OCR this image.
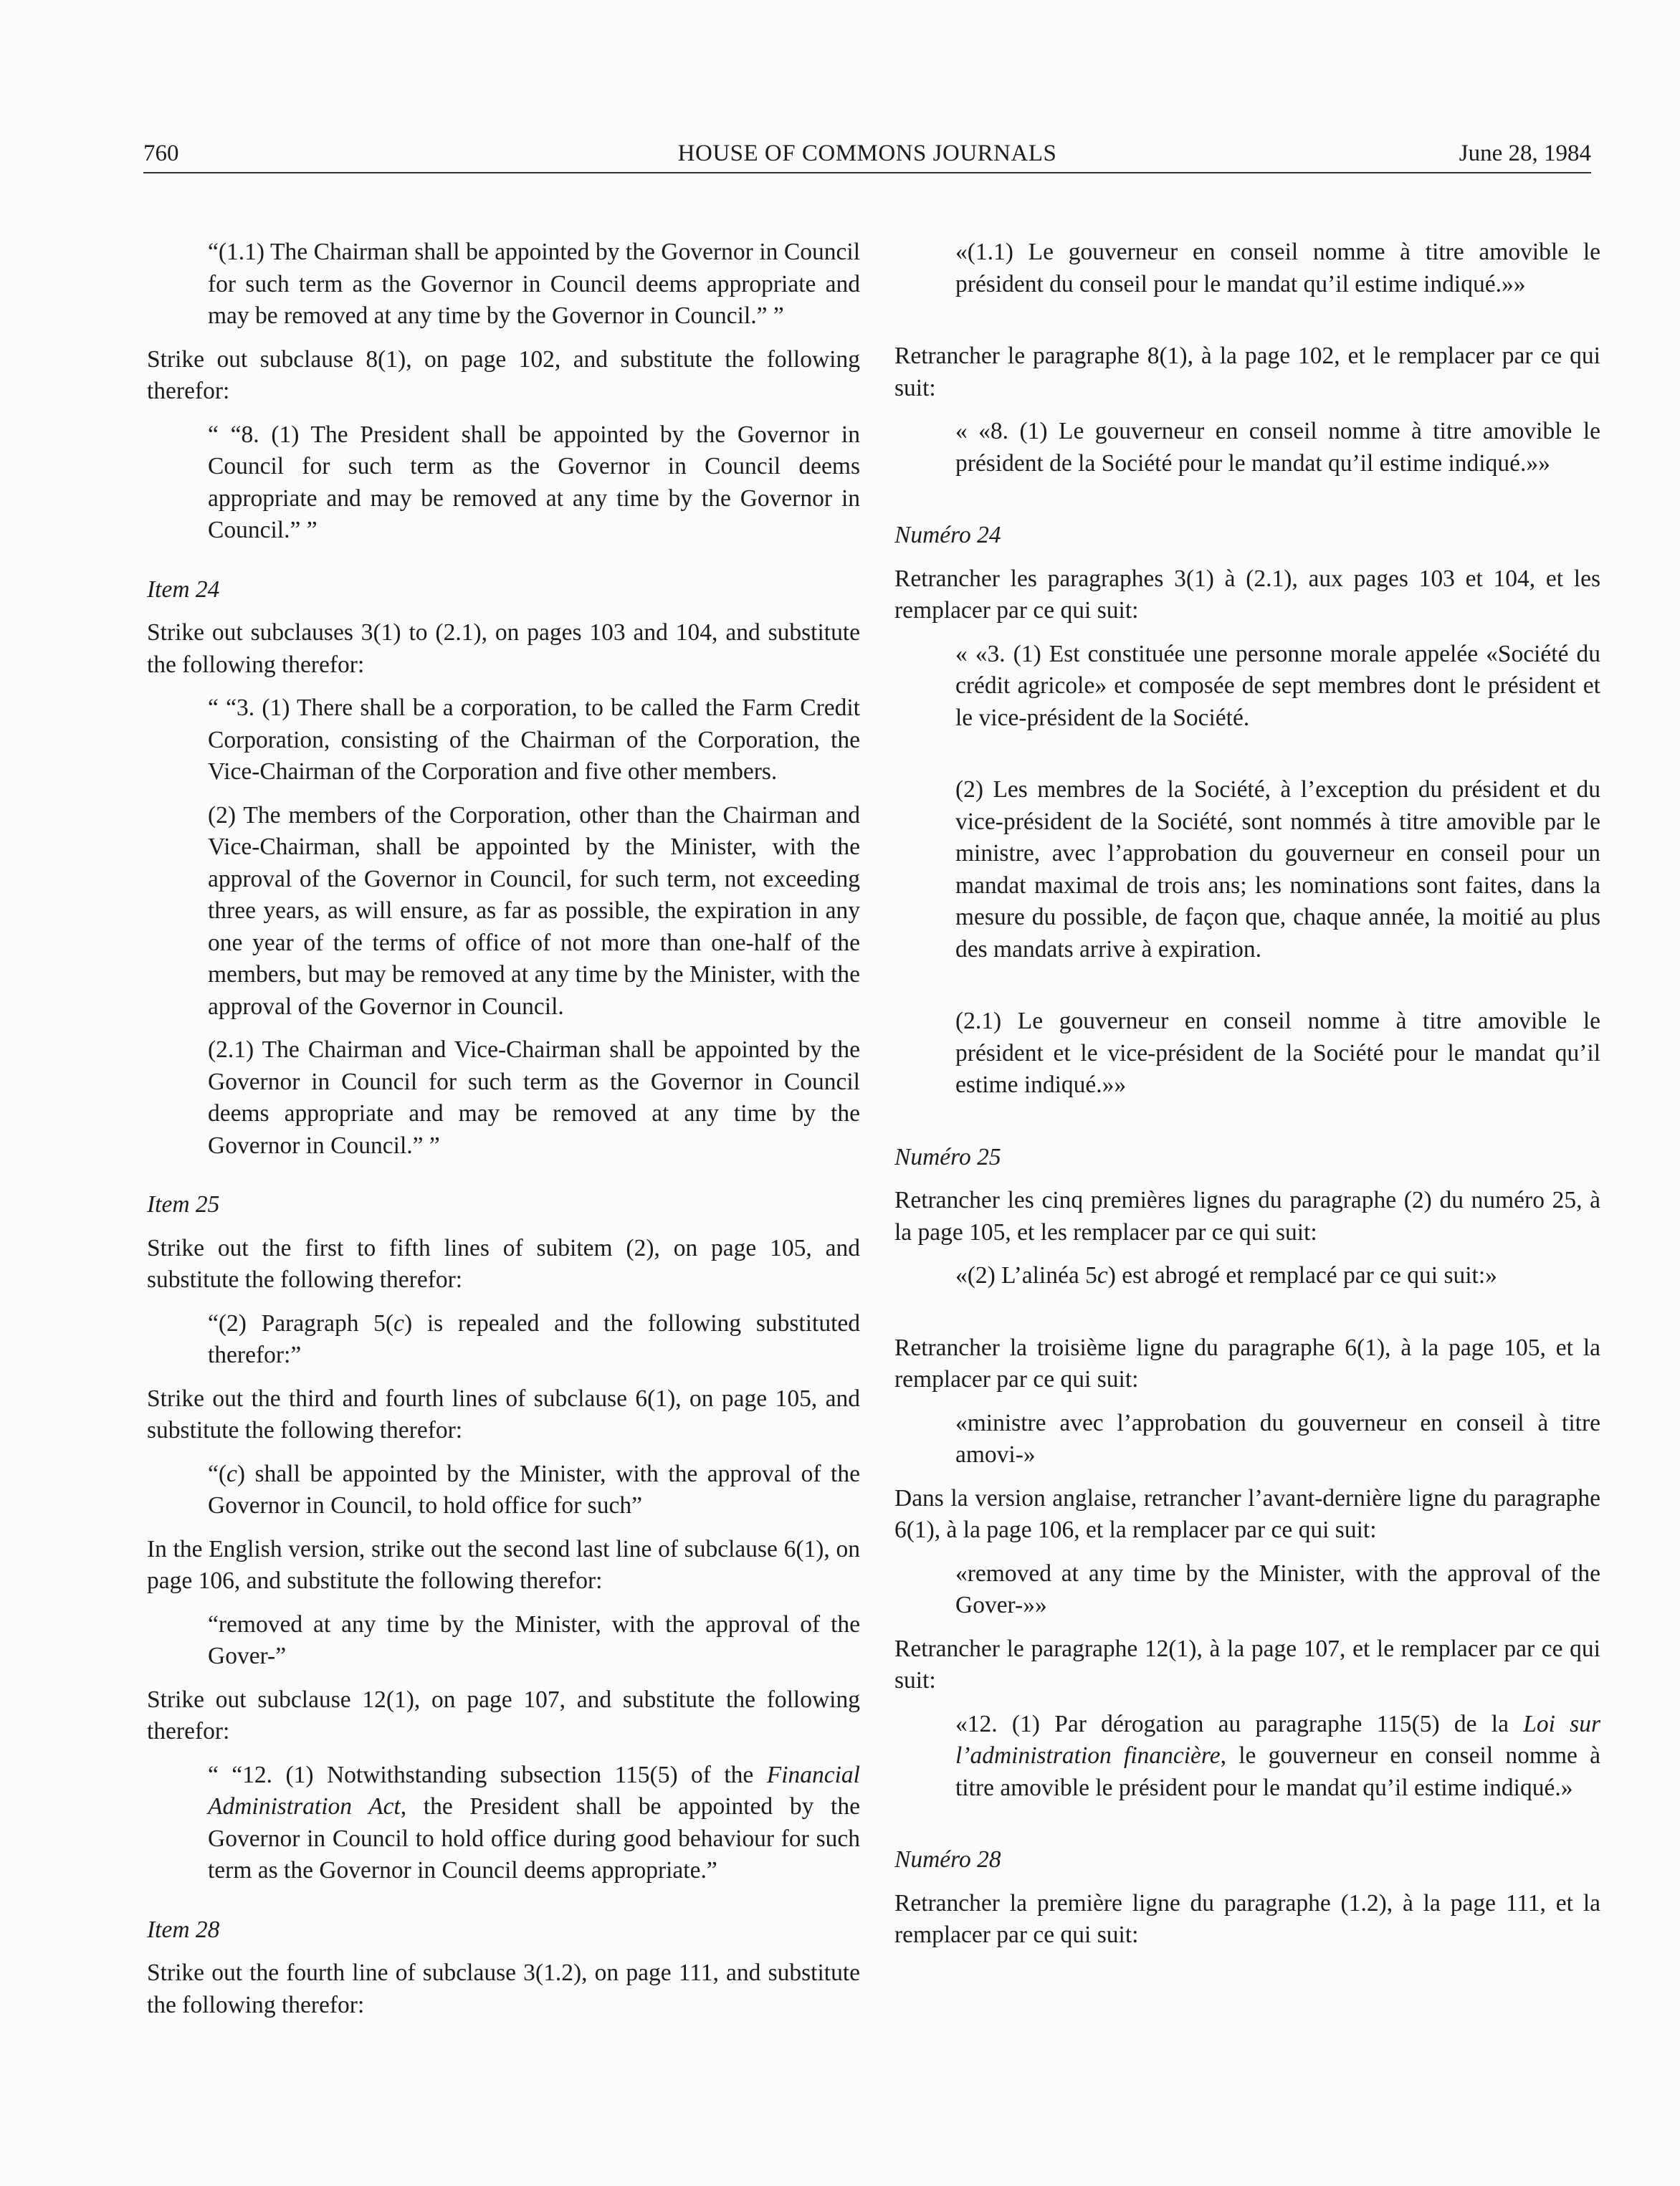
760	HOUSE OF COMMONS JOURNALS	June 28, 1984

“(1.1) The Chairman shall be appointed by the Governor in Council for such term as the Governor in Council deems appropriate and may be removed at any time by the Governor in Council.” ”

Strike out subclause 8(1), on page 102, and substitute the following therefor:

“ “8. (1) The President shall be appointed by the Governor in Council for such term as the Governor in Council deems appropriate and may be removed at any time by the Governor in Council.” ”

Item 24

Strike out subclauses 3(1) to (2.1), on pages 103 and 104, and substitute the following therefor:

“ “3. (1) There shall be a corporation, to be called the Farm Credit Corporation, consisting of the Chairman of the Corporation, the Vice-Chairman of the Corporation and five other members.

(2) The members of the Corporation, other than the Chairman and Vice-Chairman, shall be appointed by the Minister, with the approval of the Governor in Council, for such term, not exceeding three years, as will ensure, as far as possible, the expiration in any one year of the terms of office of not more than one-half of the members, but may be removed at any time by the Minister, with the approval of the Governor in Council.

(2.1) The Chairman and Vice-Chairman shall be appointed by the Governor in Council for such term as the Governor in Council deems appropriate and may be removed at any time by the Governor in Council.” ”

Item 25

Strike out the first to fifth lines of subitem (2), on page 105, and substitute the following therefor:

“(2) Paragraph 5(c) is repealed and the following substituted therefor:”

Strike out the third and fourth lines of subclause 6(1), on page 105, and substitute the following therefor:

“(c) shall be appointed by the Minister, with the approval of the Governor in Council, to hold office for such”

In the English version, strike out the second last line of subclause 6(1), on page 106, and substitute the following therefor:

“removed at any time by the Minister, with the approval of the Gover-”

Strike out subclause 12(1), on page 107, and substitute the following therefor:

“ “12. (1) Notwithstanding subsection 115(5) of the Financial Administration Act, the President shall be appointed by the Governor in Council to hold office during good behaviour for such term as the Governor in Council deems appropriate.”

Item 28

Strike out the fourth line of subclause 3(1.2), on page 111, and substitute the following therefor:

«(1.1) Le gouverneur en conseil nomme à titre amovible le président du conseil pour le mandat qu’il estime indiqué.»»

Retrancher le paragraphe 8(1), à la page 102, et le remplacer par ce qui suit:

« «8. (1) Le gouverneur en conseil nomme à titre amovible le président de la Société pour le mandat qu’il estime indiqué.»»

Numéro 24

Retrancher les paragraphes 3(1) à (2.1), aux pages 103 et 104, et les remplacer par ce qui suit:

« «3. (1) Est constituée une personne morale appelée «Société du crédit agricole» et composée de sept membres dont le président et le vice-président de la Société.

(2) Les membres de la Société, à l’exception du président et du vice-président de la Société, sont nommés à titre amovible par le ministre, avec l’approbation du gouverneur en conseil pour un mandat maximal de trois ans; les nominations sont faites, dans la mesure du possible, de façon que, chaque année, la moitié au plus des mandats arrive à expiration.

(2.1) Le gouverneur en conseil nomme à titre amovible le président et le vice-président de la Société pour le mandat qu’il estime indiqué.»»

Numéro 25

Retrancher les cinq premières lignes du paragraphe (2) du numéro 25, à la page 105, et les remplacer par ce qui suit:

«(2) L’alinéa 5c) est abrogé et remplacé par ce qui suit:»

Retrancher la troisième ligne du paragraphe 6(1), à la page 105, et la remplacer par ce qui suit:

«ministre avec l’approbation du gouverneur en conseil à titre amovi-»

Dans la version anglaise, retrancher l’avant-dernière ligne du paragraphe 6(1), à la page 106, et la remplacer par ce qui suit:

«removed at any time by the Minister, with the approval of the Gover-»»

Retrancher le paragraphe 12(1), à la page 107, et le remplacer par ce qui suit:

«12. (1) Par dérogation au paragraphe 115(5) de la Loi sur l’administration financière, le gouverneur en conseil nomme à titre amovible le président pour le mandat qu’il estime indiqué.»

Numéro 28

Retrancher la première ligne du paragraphe (1.2), à la page 111, et la remplacer par ce qui suit:
